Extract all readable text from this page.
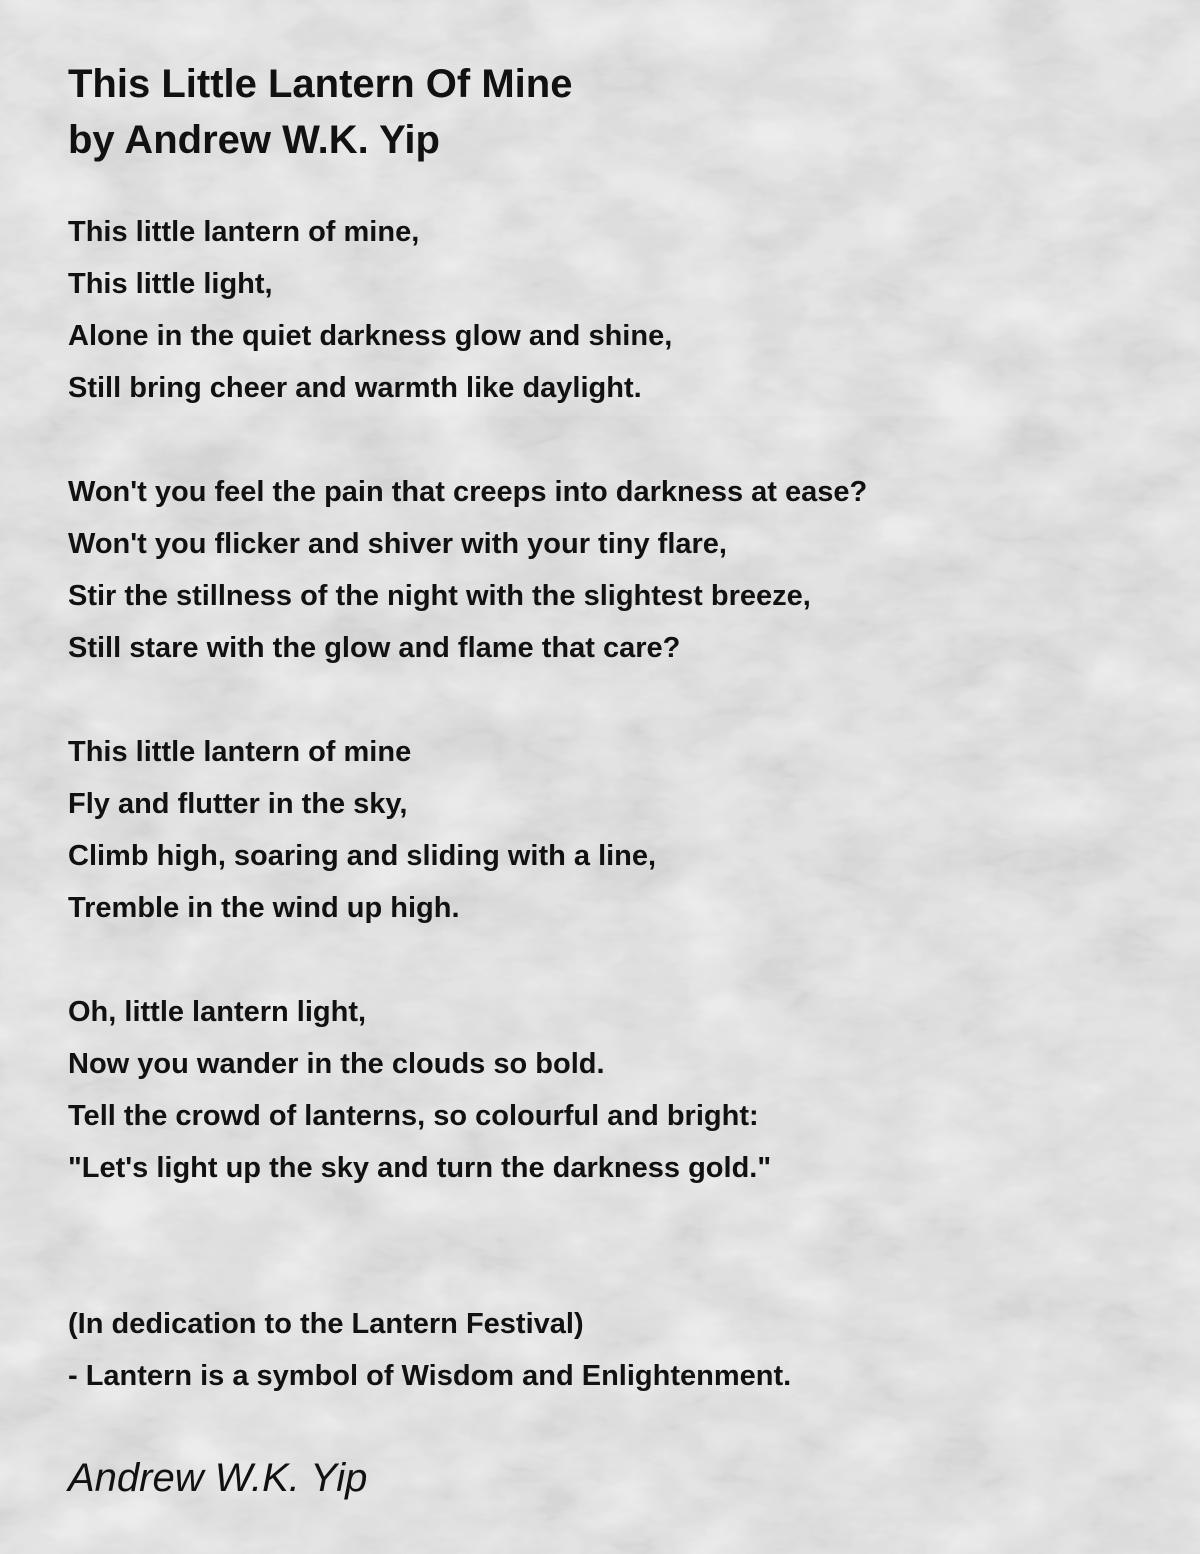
This Little Lantern Of Mine
by Andrew W.K. Yip

This little lantern of mine,

This little light,

Alone in the quiet darkness glow and shine,

Still bring cheer and warmth like daylight.

Won't you feel the pain that creeps into darkness at ease?

Won't you flicker and shiver with your tiny flare,

Stir the stillness of the night with the slightest breeze,

Still stare with the glow and flame that care?

This little lantern of mine

Fly and flutter in the sky,

Climb high, soaring and sliding with a line,

Tremble in the wind up high.

Oh, little lantern light,

Now you wander in the clouds so bold.

Tell the crowd of lanterns, so colourful and bright:

"Let's light up the sky and turn the darkness gold."

(In dedication to the Lantern Festival)

- Lantern is a symbol of Wisdom and Enlightenment.

Andrew W.K. Yip
